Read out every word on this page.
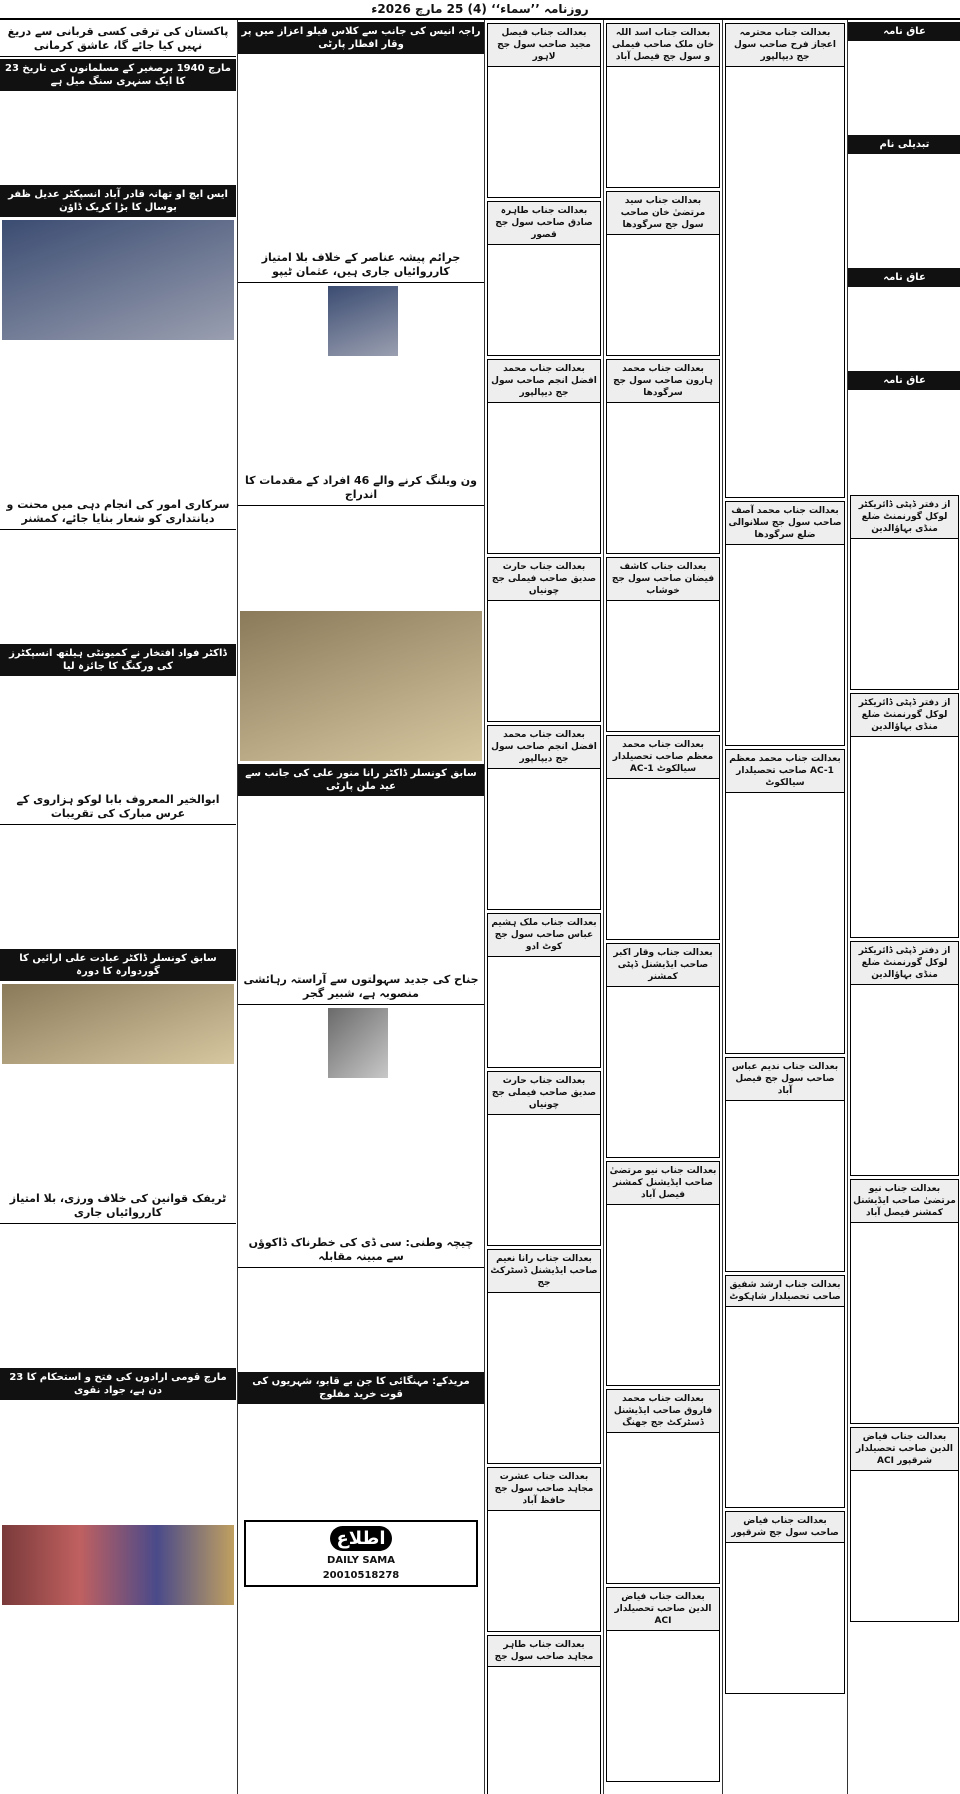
روزنامہ ’’سماء‘‘ (4) 25 مارچ 2026ء
پاکستان کی ترقی کسی قربانی سے دریغ نہیں کیا جائے گا، عاشق کرمانی
23 مارچ 1940 برصغیر کے مسلمانوں کی تاریخ کا ایک سنہری سنگ میل ہے
ایس ایچ او تھانہ قادر آباد انسپکٹر عدیل ظفر بوسال کا بڑا کریک ڈاؤن
سرکاری امور کی انجام دہی میں محنت و دیانتداری کو شعار بنایا جائے، کمشنر
ڈاکٹر فواد افتخار نے کمیونٹی ہیلتھ انسپکٹرز کی ورکنگ کا جائزہ لیا
ابوالخیر المعروف بابا لوکو ہزاروی کے عرس مبارک کی تقریبات
سابق کونسلر ڈاکٹر عبادت علی ارائیں کا گوردوارہ کا دورہ
ٹریفک قوانین کی خلاف ورزی، بلا امتیاز کارروائیاں جاری
23 مارچ قومی ارادوں کی فتح و استحکام کا دن ہے، جواد نقوی
راجہ انیس کی جانب سے کلاس فیلو اعزاز میں پر وقار افطار پارٹی
جرائم پیشہ عناصر کے خلاف بلا امتیاز کارروائیاں جاری ہیں، عثمان ٹیپو
ون ویلنگ کرنے والے 46 افراد کے مقدمات کا اندراج
سابق کونسلر ڈاکٹر رانا منور علی کی جانب سے عید ملن پارٹی
جناح کی جدید سہولتوں سے آراستہ رہائشی منصوبہ ہے، شبیر گجر
چیچہ وطنی: سی ڈی کی خطرناک ڈاکوؤں سے مبینہ مقابلہ
مریدکے: مہنگائی کا جن بے قابو، شہریوں کی قوت خرید مفلوج
اطلاع
DAILY SAMA
20010518278
بعدالت جناب فیصل مجید صاحب سول جج لاہور
بعدالت جناب طاہرہ صادق صاحب سول جج قصور
بعدالت جناب محمد افضل انجم صاحب سول جج دیپالپور
بعدالت جناب حارث صدیق صاحب فیملی جج چونیاں
بعدالت جناب محمد افضل انجم صاحب سول جج دیپالپور
بعدالت جناب ملک ہشیم عباس صاحب سول جج کوٹ ادو
بعدالت جناب حارث صدیق صاحب فیملی جج چونیاں
بعدالت جناب رانا نعیم صاحب ایڈیشنل ڈسٹرکٹ جج
بعدالت جناب عشرت مجاہد صاحب سول جج حافظ آباد
بعدالت جناب طاہر مجاہد صاحب سول جج
بعدالت جناب اسد اللہ خان ملک صاحب فیملی و سول جج فیصل آباد
بعدالت جناب سید مرتضیٰ خان صاحب سول جج سرگودھا
بعدالت جناب محمد ہارون صاحب سول جج سرگودھا
بعدالت جناب کاشف فیضان صاحب سول جج خوشاب
بعدالت جناب محمد معظم صاحب تحصیلدار AC-1 سیالکوٹ
بعدالت جناب وقار اکبر صاحب ایڈیشنل ڈپٹی کمشنر
بعدالت جناب نیو مرتضیٰ صاحب ایڈیشنل کمشنر فیصل آباد
بعدالت جناب محمد فاروق صاحب ایڈیشنل ڈسٹرکٹ جج جھنگ
بعدالت جناب فیاض الدین صاحب تحصیلدار ACI
بعدالت جناب محترمہ اعجاز فرح صاحب سول جج دیپالپور
بعدالت جناب محمد آصف صاحب سول جج سلانوالی ضلع سرگودھا
بعدالت جناب محمد معظم صاحب تحصیلدار AC-1 سیالکوٹ
بعدالت جناب ندیم عباس صاحب سول جج فیصل آباد
بعدالت جناب ارشد شفیق صاحب تحصیلدار شاہکوٹ
بعدالت جناب فیاض صاحب سول جج شرقپور
عاق نامہ
تبدیلی نام
عاق نامہ
عاق نامہ
از دفتر ڈپٹی ڈائریکٹر لوکل گورنمنٹ ضلع منڈی بہاؤالدین
از دفتر ڈپٹی ڈائریکٹر لوکل گورنمنٹ ضلع منڈی بہاؤالدین
از دفتر ڈپٹی ڈائریکٹر لوکل گورنمنٹ ضلع منڈی بہاؤالدین
بعدالت جناب نیو مرتضیٰ صاحب ایڈیشنل کمشنر فیصل آباد
بعدالت جناب فیاض الدین صاحب تحصیلدار ACI شرقپور
